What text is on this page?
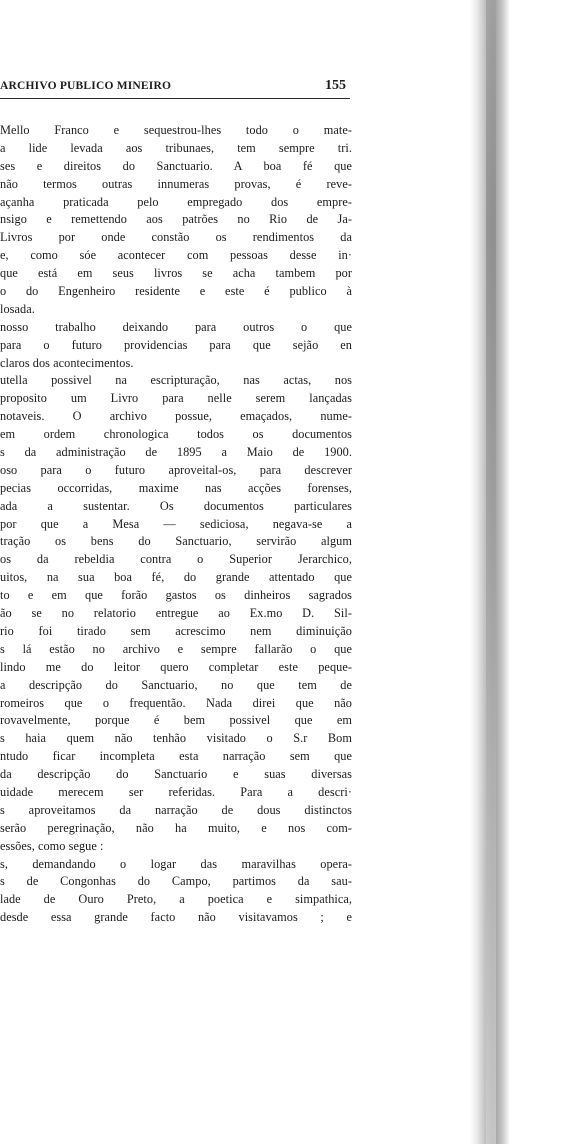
ARCHIVO PUBLICO MINEIRO	155
Mello Franco e sequestrou-lhes todo o mate-
a lide levada aos tribunaes, tem sempre tri.
ses e direitos do Sanctuario. A boa fé que
não termos outras innumeras provas, é reve-
açanha praticada pelo empregado dos empre-
nsigo e remettendo aos patrões no Rio de Ja-
Livros por onde constão os rendimentos da
e, como sóe acontecer com pessoas desse in·
que está em seus livros se acha tambem por
o do Engenheiro residente e este é publico à
losada.
nosso trabalho deixando para outros o que
para o futuro providencias para que sejão en
claros dos acontecimentos.
utella possivel na escripturação, nas actas, nos
proposito um Livro para nelle serem lançadas
notaveis. O archivo possue, emaçados, nume-
em ordem chronologica todos os documentos
s da administração de 1895 a Maio de 1900.
oso para o futuro aproveital-os, para descrever
pecias occorridas, maxime nas acções forenses,
ada a sustentar. Os documentos particulares
por que a Mesa — sediciosa, negava-se a
tração os bens do Sanctuario, servirão algum
os da rebeldia contra o Superior Jerarchico,
uitos, na sua boa fé, do grande attentado que
to e em que forão gastos os dinheiros sagrados
ão se no relatorio entregue ao Ex.mo D. Sil-
rio foi tirado sem acrescimo nem diminuição
s lá estão no archivo e sempre fallarão o que
lindo me do leitor quero completar este peque-
a descripção do Sanctuario, no que tem de
romeiros que o frequentão. Nada direi que não
rovavelmente, porque é bem possivel que em
s haia quem não tenhão visitado o S.r Bom
ntudo ficar incompleta esta narração sem que
da descripção do Sanctuario e suas diversas
uidade merecem ser referidas. Para a descri·
s aproveitamos da narração de dous distinctos
serão peregrinação, não ha muito, e nos com-
essões, como segue :
s, demandando o logar das maravilhas opera-
s de Congonhas do Campo, partimos da sau-
lade de Ouro Preto, a poetica e simpathica,
desde essa grande facto não visitavamos ; e
